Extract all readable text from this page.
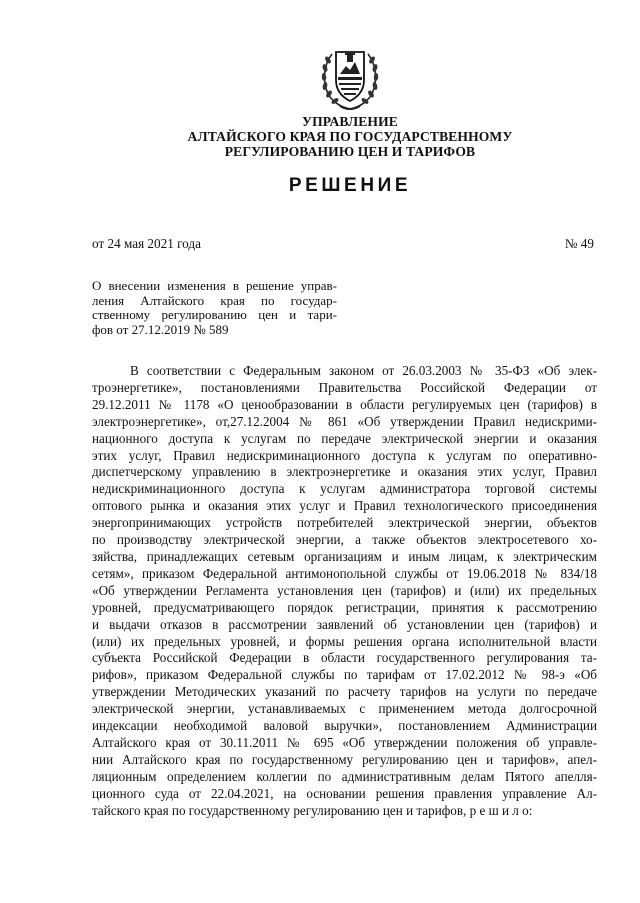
УПРАВЛЕНИЕ
АЛТАЙСКОГО КРАЯ ПО ГОСУДАРСТВЕННОМУ
РЕГУЛИРОВАНИЮ ЦЕН И ТАРИФОВ
РЕШЕНИЕ
от 24 мая 2021 года	№ 49
О внесении изменения в решение управ-
ления Алтайского края по государ-
ственному регулированию цен и тари-
фов от 27.12.2019 № 589
В соответствии с Федеральным законом от 26.03.2003 № 35-ФЗ «Об элек-
троэнергетике», постановлениями Правительства Российской Федерации от
29.12.2011 № 1178 «О ценообразовании в области регулируемых цен (тарифов) в
электроэнергетике», от,27.12.2004 № 861 «Об утверждении Правил недискрими-
национного доступа к услугам по передаче электрической энергии и оказания
этих услуг, Правил недискриминационного доступа к услугам по оперативно-
диспетчерскому управлению в электроэнергетике и оказания этих услуг, Правил
недискриминационного доступа к услугам администратора торговой системы
оптового рынка и оказания этих услуг и Правил технологического присоединения
энергопринимающих устройств потребителей электрической энергии, объектов
по производству электрической энергии, а также объектов электросетевого хо-
зяйства, принадлежащих сетевым организациям и иным лицам, к электрическим
сетям», приказом Федеральной антимонопольной службы от 19.06.2018 № 834/18
«Об утверждении Регламента установления цен (тарифов) и (или) их предельных
уровней, предусматривающего порядок регистрации, принятия к рассмотрению
и выдачи отказов в рассмотрении заявлений об установлении цен (тарифов) и
(или) их предельных уровней, и формы решения органа исполнительной власти
субъекта Российской Федерации в области государственного регулирования та-
рифов», приказом Федеральной службы по тарифам от 17.02.2012 № 98-э «Об
утверждении Методических указаний по расчету тарифов на услуги по передаче
электрической энергии, устанавливаемых с применением метода долгосрочной
индексации необходимой валовой выручки», постановлением Администрации
Алтайского края от 30.11.2011 № 695 «Об утверждении положения об управле-
нии Алтайского края по государственному регулированию цен и тарифов», апел-
ляционным определением коллегии по административным делам Пятого апелля-
ционного суда от 22.04.2021, на основании решения правления управление Ал-
тайского края по государственному регулированию цен и тарифов, р е ш и л о:
